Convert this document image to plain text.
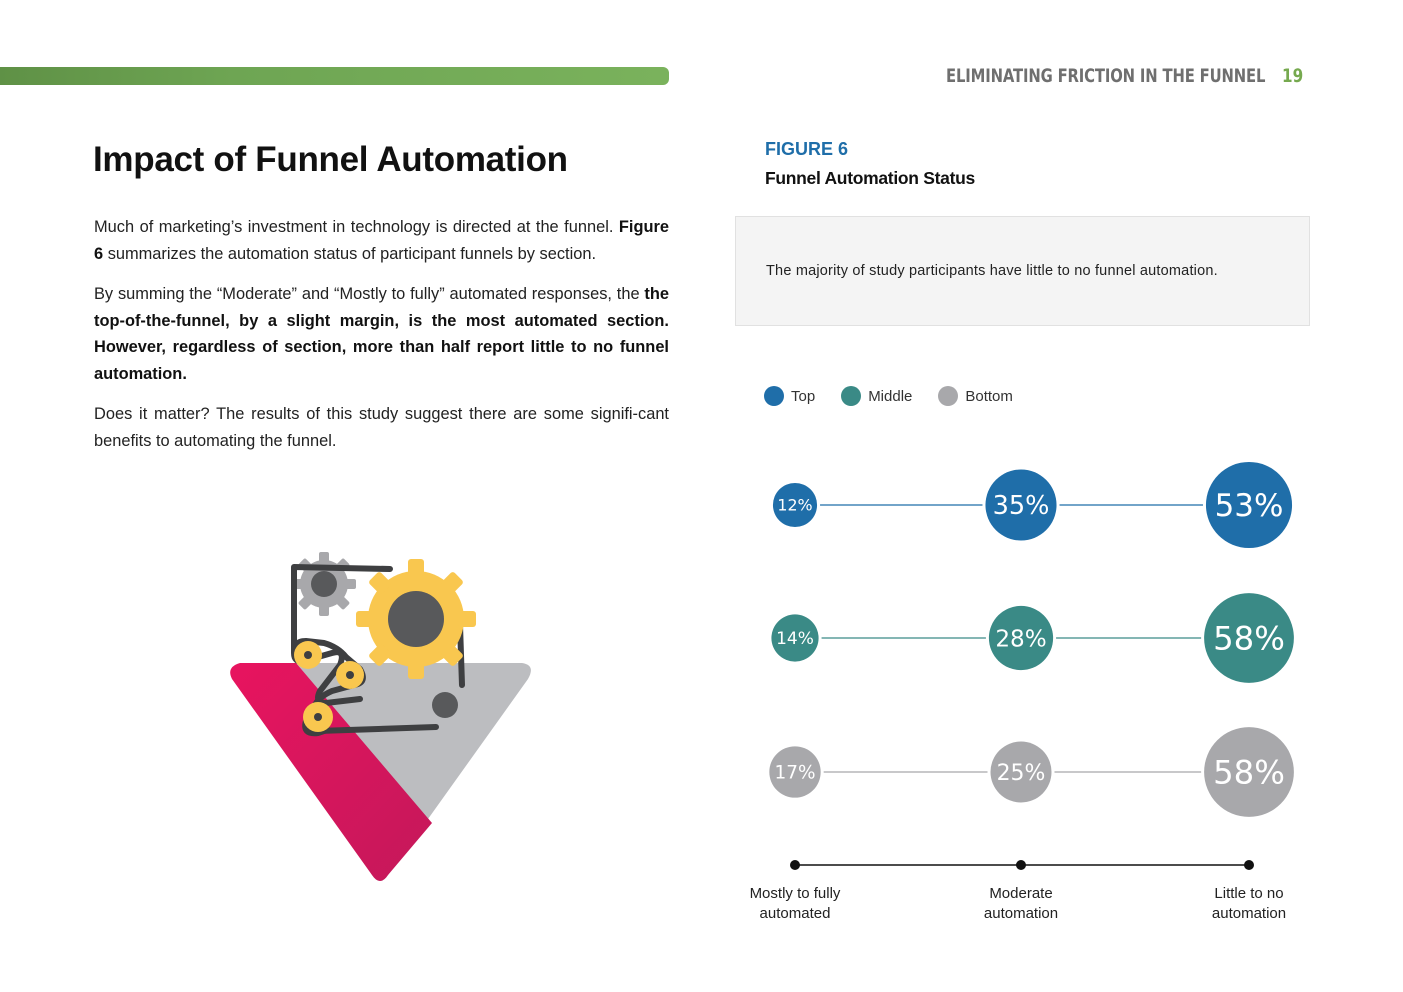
ELIMINATING FRICTION IN THE FUNNEL 19
Impact of Funnel Automation

Much of marketing’s investment in technology is directed at the funnel. Figure 6 summarizes the automation status of participant funnels by section.

By summing the “Moderate” and “Mostly to fully” automated responses, the the top-of-the-funnel, by a slight margin, is the most automated section. However, regardless of section, more than half report little to no funnel automation.

Does it matter? The results of this study suggest there are some signifi-cant benefits to automating the funnel.

FIGURE 6
Funnel Automation Status
The majority of study participants have little to no funnel automation.
Top	Middle	Bottom
12%	35%	53%
14%	28%	58%
17%	25%	58%
Mostly to fully
automated
Moderate
automation
Little to no
automation
